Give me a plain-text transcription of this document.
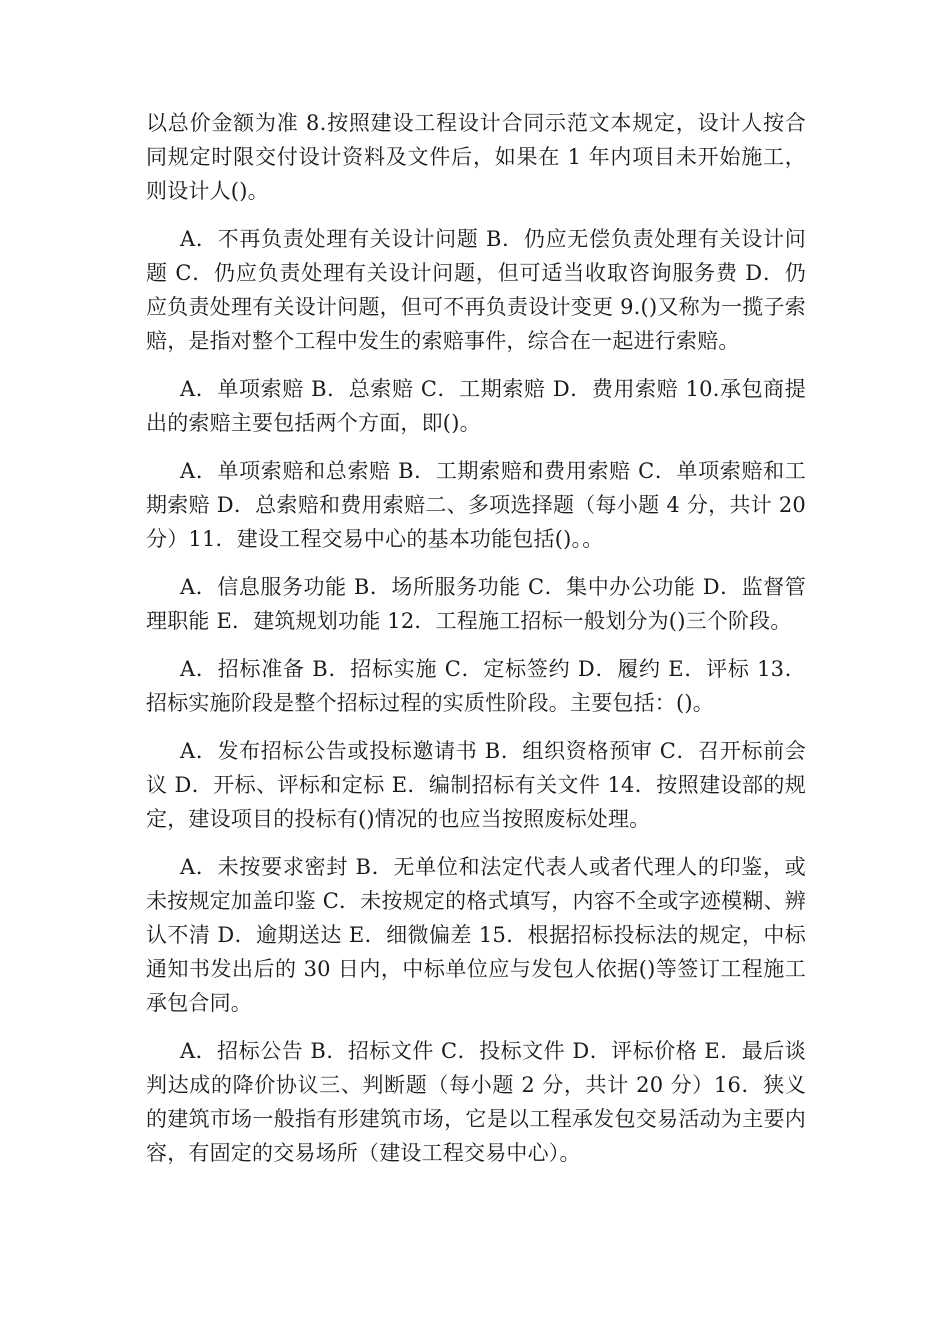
以总价金额为准 8.按照建设工程设计合同示范文本规定，设计人按合同规定时限交付设计资料及文件后，如果在 1 年内项目未开始施工，则设计人()。

A．不再负责处理有关设计问题 B．仍应无偿负责处理有关设计问题 C．仍应负责处理有关设计问题，但可适当收取咨询服务费 D．仍应负责处理有关设计问题，但可不再负责设计变更 9.()又称为一揽子索赔，是指对整个工程中发生的索赔事件，综合在一起进行索赔。

A．单项索赔 B．总索赔 C．工期索赔 D．费用索赔 10.承包商提出的索赔主要包括两个方面，即()。

A．单项索赔和总索赔 B．工期索赔和费用索赔 C．单项索赔和工期索赔 D．总索赔和费用索赔二、多项选择题（每小题 4 分，共计 20 分）11．建设工程交易中心的基本功能包括()。。

A．信息服务功能 B．场所服务功能 C．集中办公功能 D．监督管理职能 E．建筑规划功能 12．工程施工招标一般划分为()三个阶段。

A．招标准备 B．招标实施 C．定标签约 D．履约 E．评标 13．招标实施阶段是整个招标过程的实质性阶段。主要包括：()。

A．发布招标公告或投标邀请书 B．组织资格预审 C．召开标前会议 D．开标、评标和定标 E．编制招标有关文件 14．按照建设部的规定，建设项目的投标有()情况的也应当按照废标处理。

A．未按要求密封 B．无单位和法定代表人或者代理人的印鉴，或未按规定加盖印鉴 C．未按规定的格式填写，内容不全或字迹模糊、辨认不清 D．逾期送达 E．细微偏差 15．根据招标投标法的规定，中标通知书发出后的 30 日内，中标单位应与发包人依据()等签订工程施工承包合同。

A．招标公告 B．招标文件 C．投标文件 D．评标价格 E．最后谈判达成的降价协议三、判断题（每小题 2 分，共计 20 分）16．狭义的建筑市场一般指有形建筑市场，它是以工程承发包交易活动为主要内容，有固定的交易场所（建设工程交易中心）。
